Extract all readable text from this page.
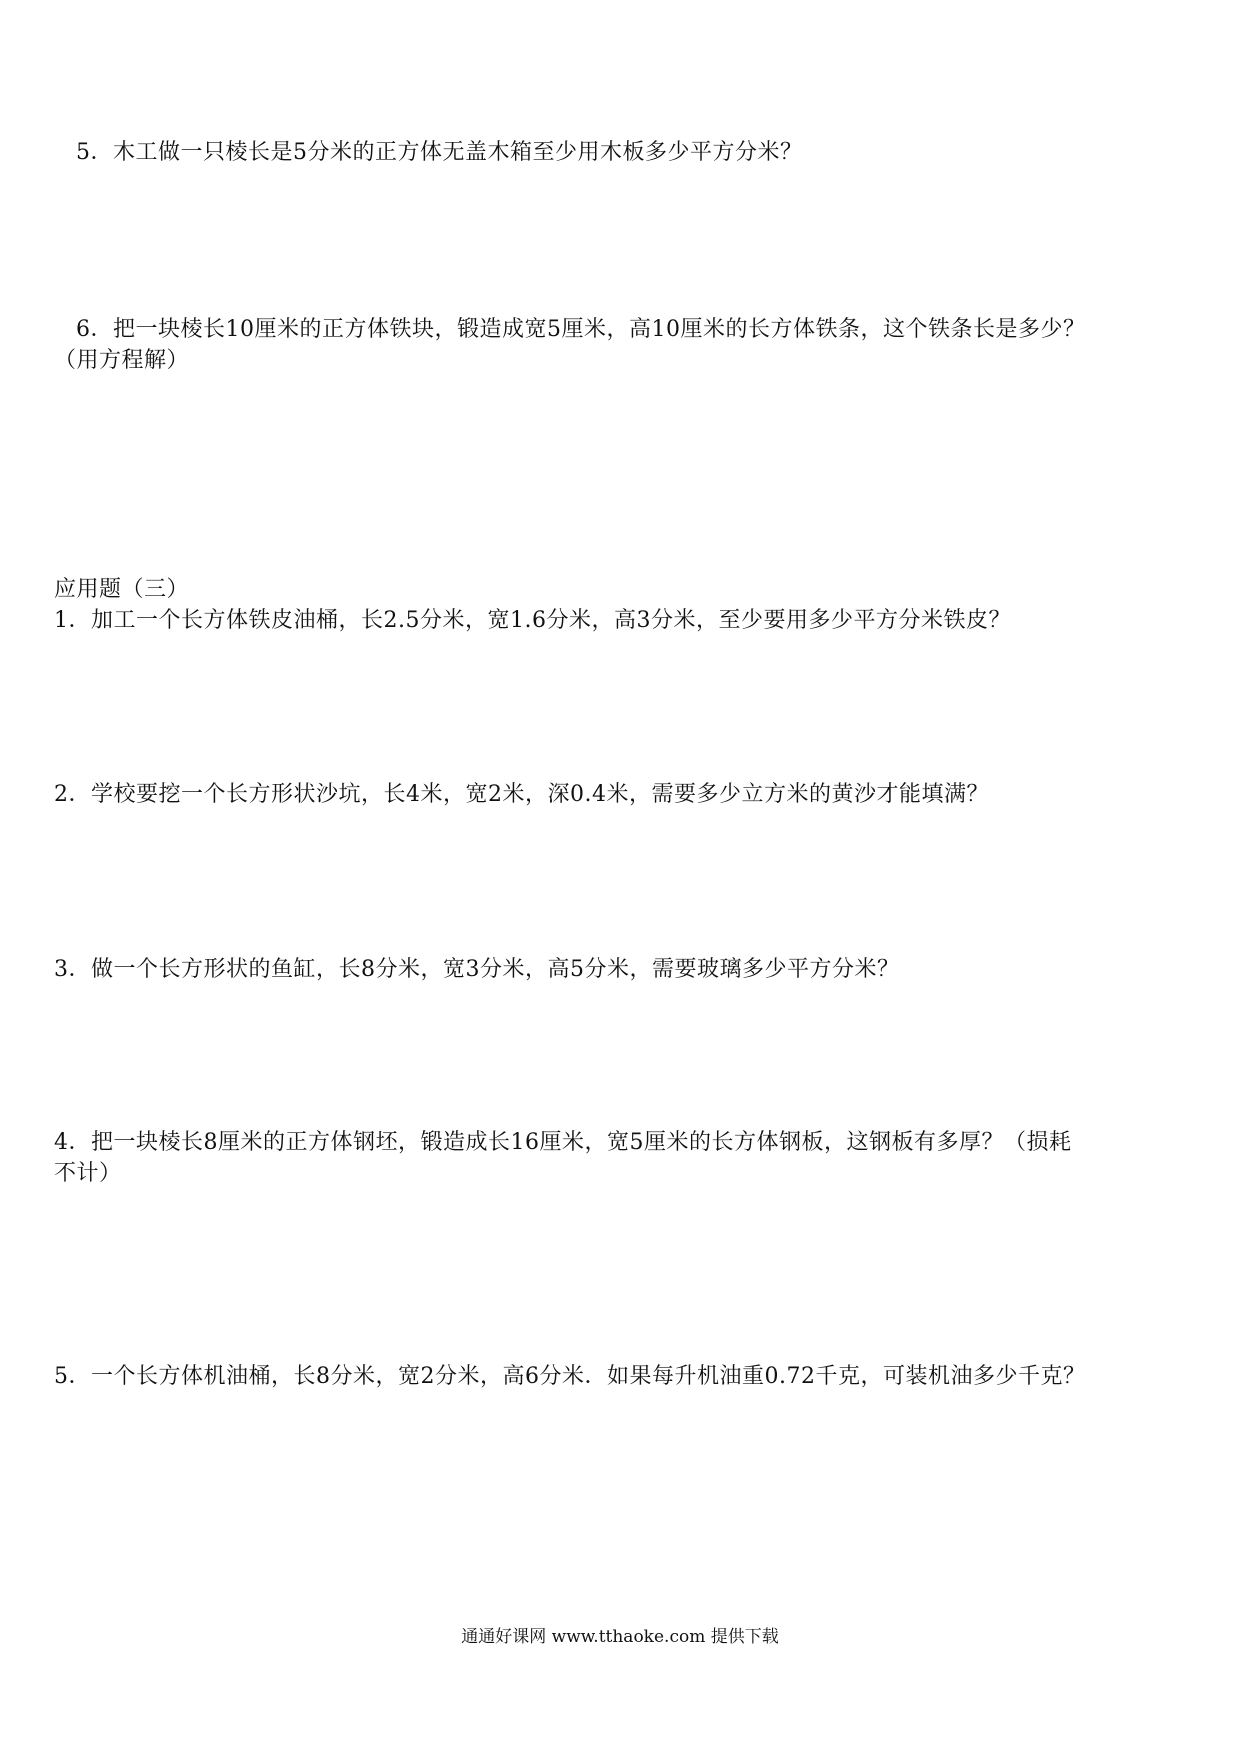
5．木工做一只棱长是5分米的正方体无盖木箱至少用木板多少平方分米？
6．把一块棱长10厘米的正方体铁块，锻造成宽5厘米，高10厘米的长方体铁条，这个铁条长是多少？
（用方程解）
应用题（三）
1．加工一个长方体铁皮油桶，长2.5分米，宽1.6分米，高3分米，至少要用多少平方分米铁皮？
2．学校要挖一个长方形状沙坑，长4米，宽2米，深0.4米，需要多少立方米的黄沙才能填满？
3．做一个长方形状的鱼缸，长8分米，宽3分米，高5分米，需要玻璃多少平方分米？
4．把一块棱长8厘米的正方体钢坯，锻造成长16厘米，宽5厘米的长方体钢板，这钢板有多厚？（损耗
不计）
5．一个长方体机油桶，长8分米，宽2分米，高6分米．如果每升机油重0.72千克，可装机油多少千克？
通通好课网 www.tthaoke.com 提供下载
